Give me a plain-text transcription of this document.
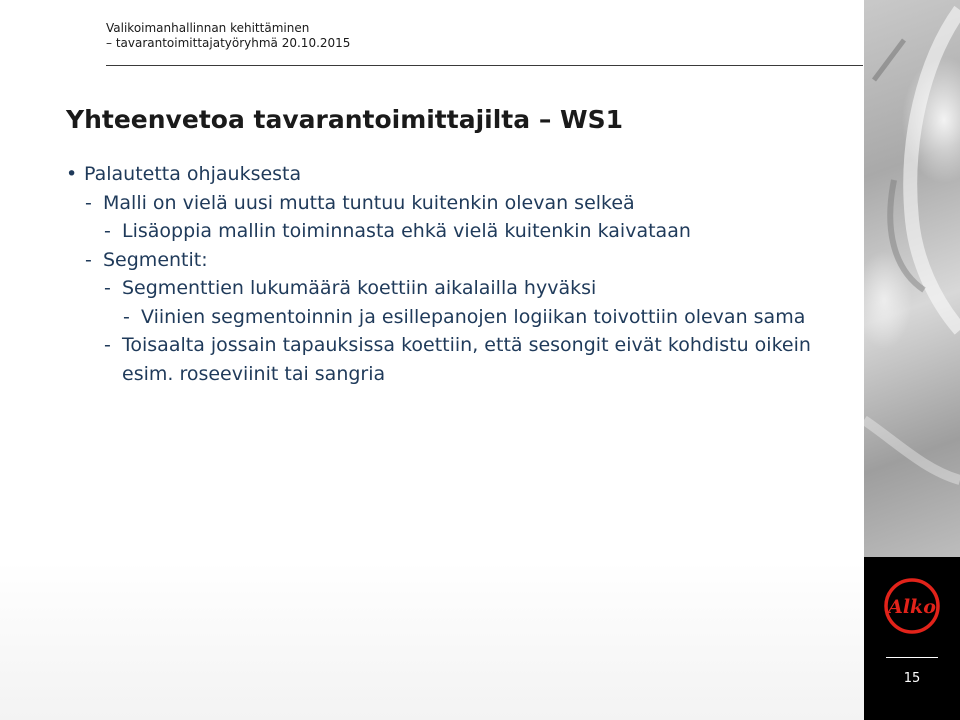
Valikoimanhallinnan kehittäminen
– tavarantoimittajatyöryhmä 20.10.2015
Yhteenvetoa tavarantoimittajilta – WS1
• Palautetta ohjauksesta
- Malli on vielä uusi mutta tuntuu kuitenkin olevan selkeä
- Lisäoppia mallin toiminnasta ehkä vielä kuitenkin kaivataan
- Segmentit:
- Segmenttien lukumäärä koettiin aikalailla hyväksi
- Viinien segmentoinnin ja esillepanojen logiikan toivottiin olevan sama
- Toisaalta jossain tapauksissa koettiin, että sesongit eivät kohdistu oikein esim. roseeviinit tai sangria
Alko
15
